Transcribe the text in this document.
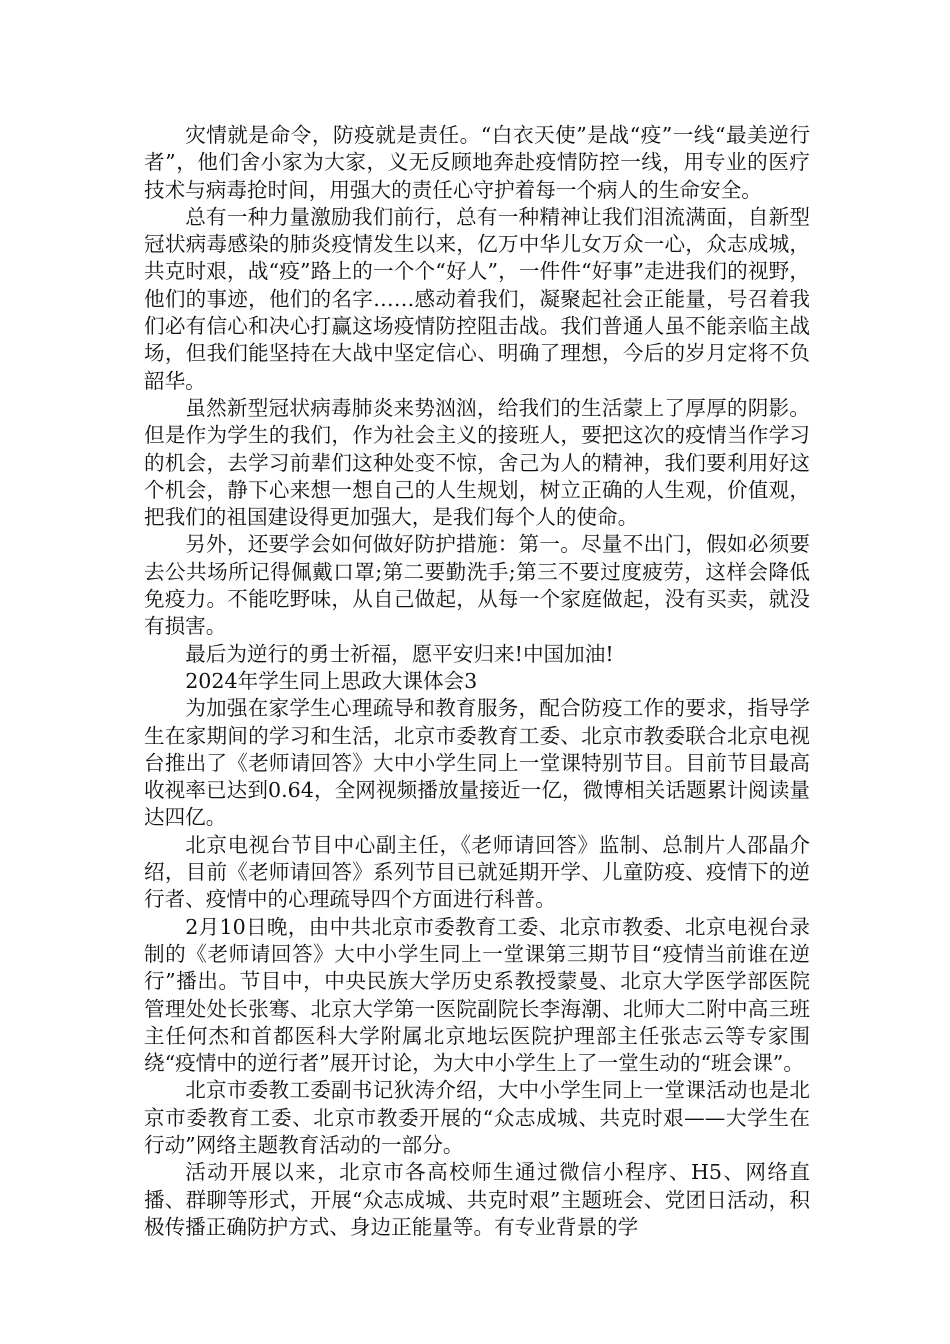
灾情就是命令，防疫就是责任。“白衣天使”是战“疫”一线“最美逆行者”，他们舍小家为大家，义无反顾地奔赴疫情防控一线，用专业的医疗技术与病毒抢时间，用强大的责任心守护着每一个病人的生命安全。

总有一种力量激励我们前行，总有一种精神让我们泪流满面，自新型冠状病毒感染的肺炎疫情发生以来，亿万中华儿女万众一心，众志成城，共克时艰，战“疫”路上的一个个“好人”，一件件“好事”走进我们的视野，他们的事迹，他们的名字……感动着我们，凝聚起社会正能量，号召着我们必有信心和决心打赢这场疫情防控阻击战。我们普通人虽不能亲临主战场，但我们能坚持在大战中坚定信心、明确了理想，今后的岁月定将不负韶华。

虽然新型冠状病毒肺炎来势汹汹，给我们的生活蒙上了厚厚的阴影。但是作为学生的我们，作为社会主义的接班人，要把这次的疫情当作学习的机会，去学习前辈们这种处变不惊，舍己为人的精神，我们要利用好这个机会，静下心来想一想自己的人生规划，树立正确的人生观，价值观，把我们的祖国建设得更加强大，是我们每个人的使命。

另外，还要学会如何做好防护措施：第一。尽量不出门，假如必须要去公共场所记得佩戴口罩;第二要勤洗手;第三不要过度疲劳，这样会降低免疫力。不能吃野味，从自己做起，从每一个家庭做起，没有买卖，就没有损害。

最后为逆行的勇士祈福，愿平安归来!中国加油!

2024年学生同上思政大课体会3

为加强在家学生心理疏导和教育服务，配合防疫工作的要求，指导学生在家期间的学习和生活，北京市委教育工委、北京市教委联合北京电视台推出了《老师请回答》大中小学生同上一堂课特别节目。目前节目最高收视率已达到0.64，全网视频播放量接近一亿，微博相关话题累计阅读量达四亿。

北京电视台节目中心副主任，《老师请回答》监制、总制片人邵晶介绍，目前《老师请回答》系列节目已就延期开学、儿童防疫、疫情下的逆行者、疫情中的心理疏导四个方面进行科普。

2月10日晚，由中共北京市委教育工委、北京市教委、北京电视台录制的《老师请回答》大中小学生同上一堂课第三期节目“疫情当前谁在逆行”播出。节目中，中央民族大学历史系教授蒙曼、北京大学医学部医院管理处处长张骞、北京大学第一医院副院长李海潮、北师大二附中高三班主任何杰和首都医科大学附属北京地坛医院护理部主任张志云等专家围绕“疫情中的逆行者”展开讨论，为大中小学生上了一堂生动的“班会课”。

北京市委教工委副书记狄涛介绍，大中小学生同上一堂课活动也是北京市委教育工委、北京市教委开展的“众志成城、共克时艰——大学生在行动”网络主题教育活动的一部分。

活动开展以来，北京市各高校师生通过微信小程序、H5、网络直播、群聊等形式，开展“众志成城、共克时艰”主题班会、党团日活动，积极传播正确防护方式、身边正能量等。有专业背景的学
